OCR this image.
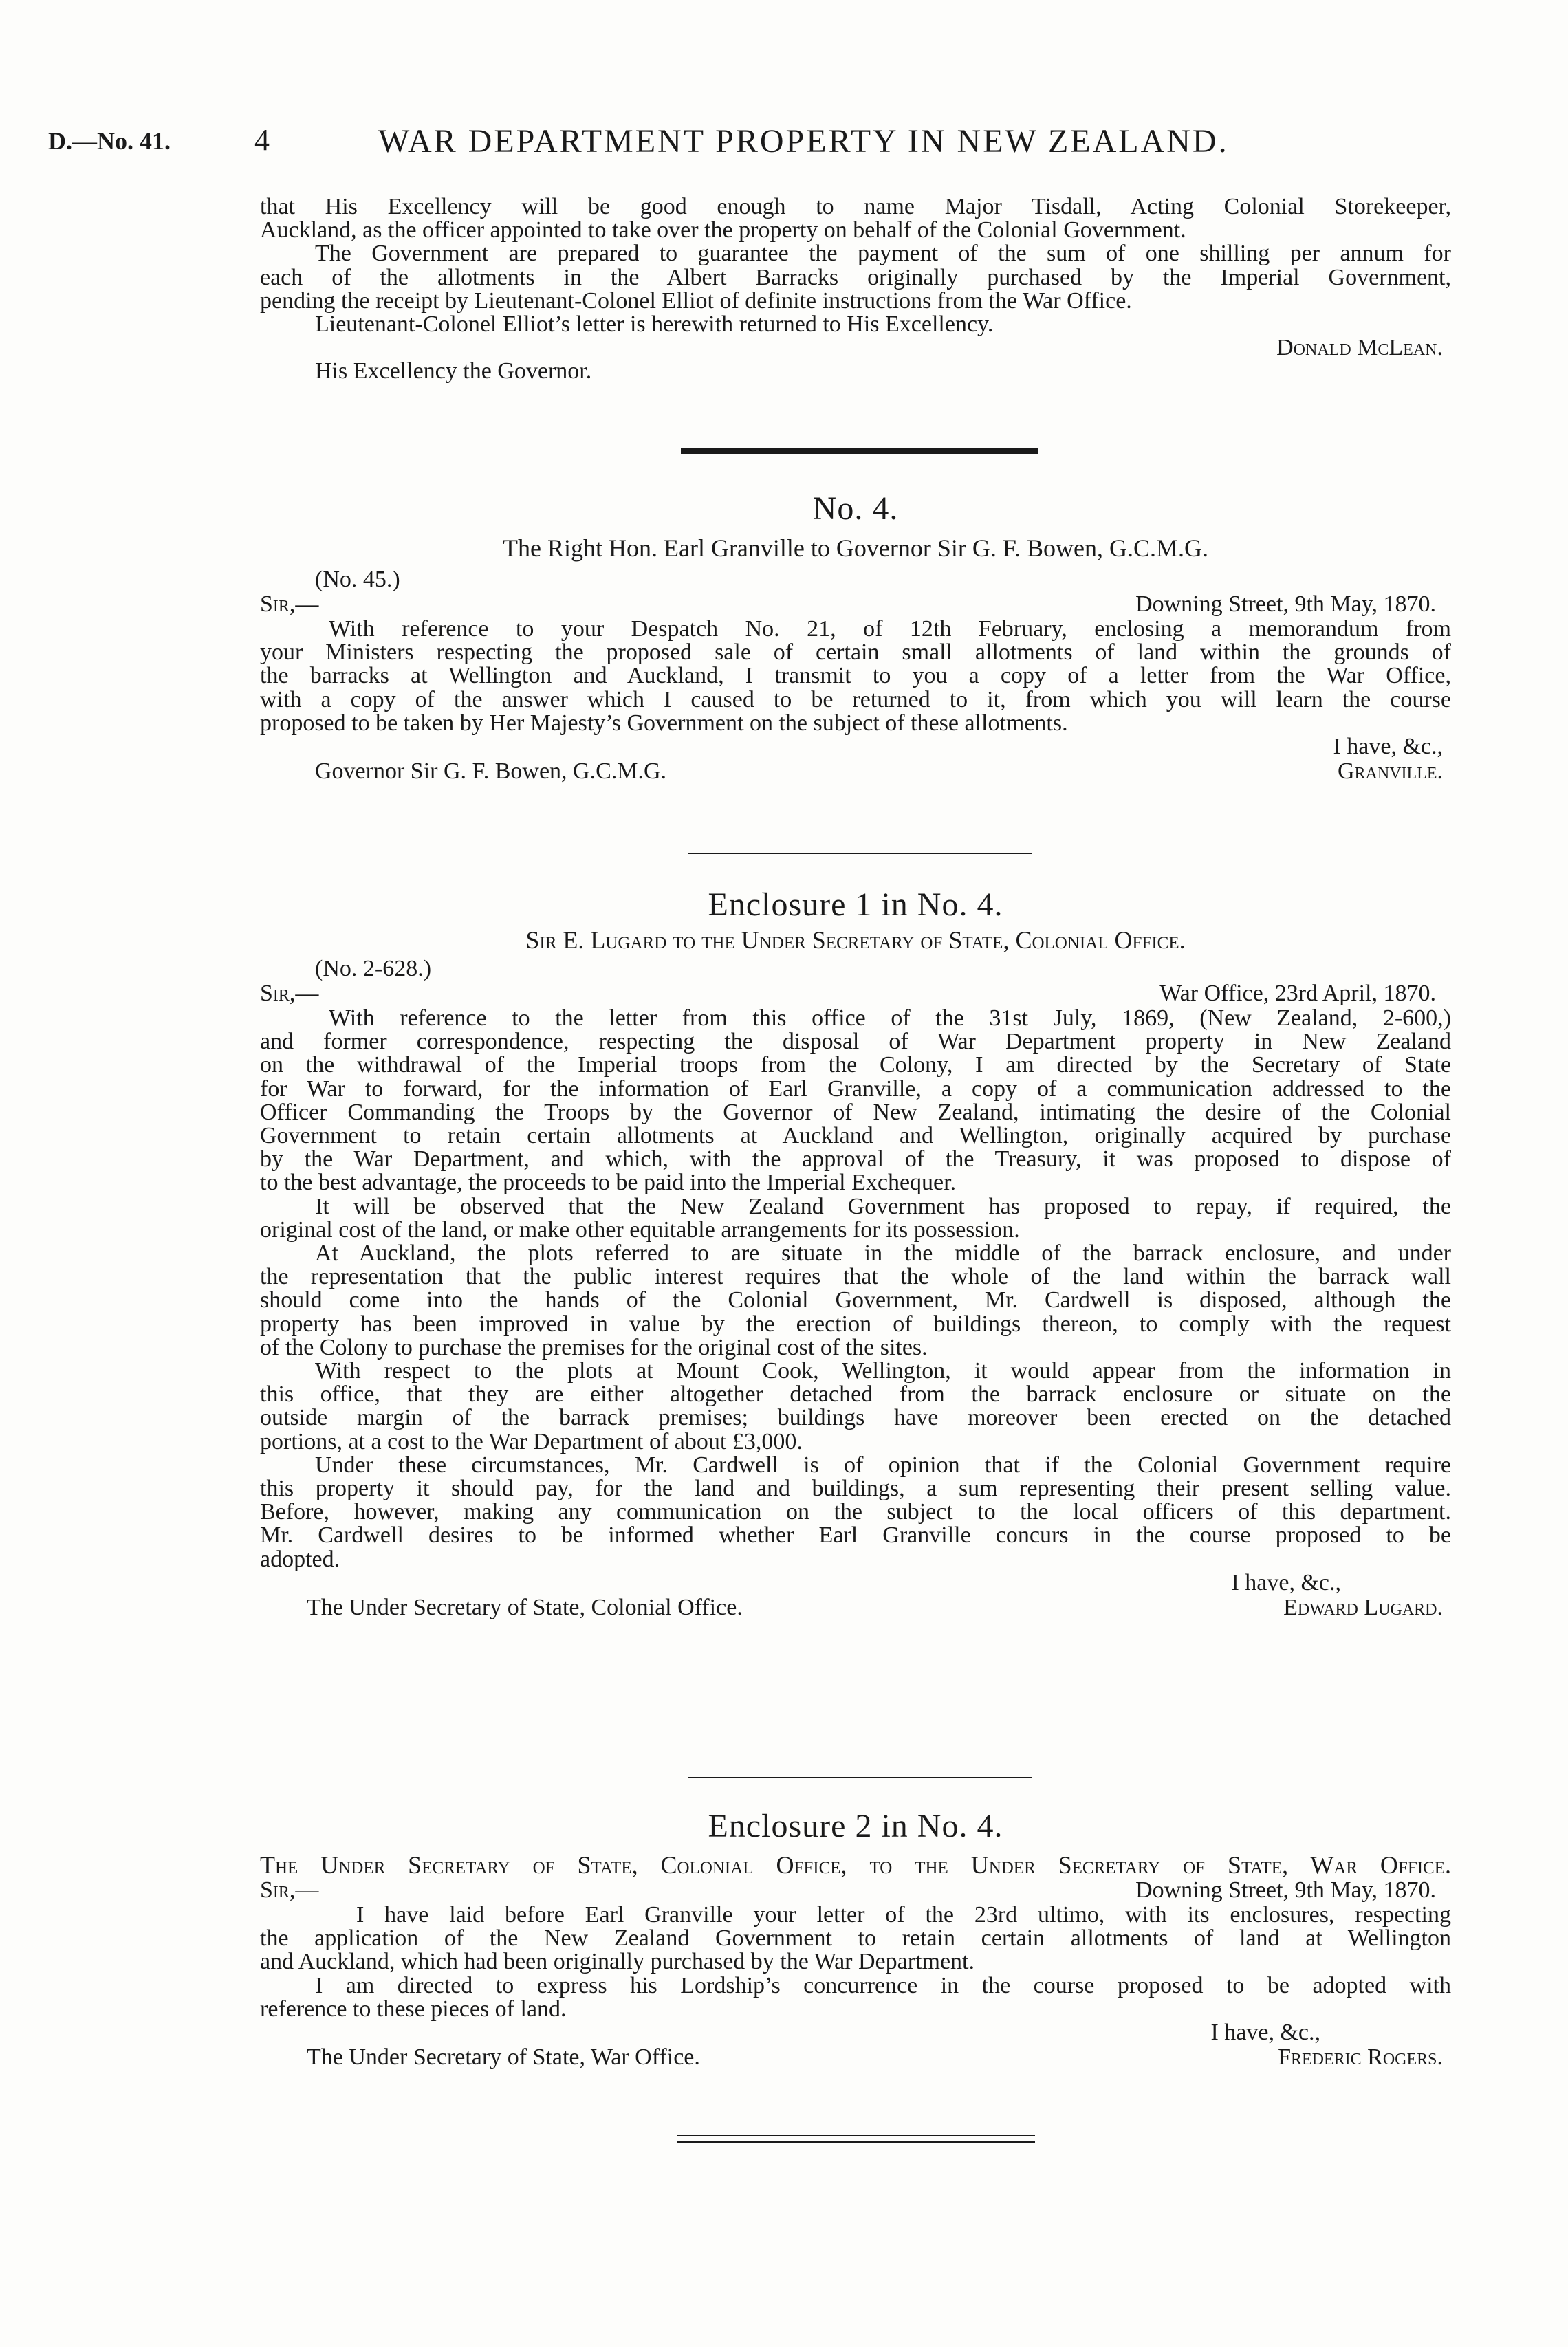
D.—No. 41.	4	WAR DEPARTMENT PROPERTY IN NEW ZEALAND.

that His Excellency will be good enough to name Major Tisdall, Acting Colonial Storekeeper,

Auckland, as the officer appointed to take over the property on behalf of the Colonial Government.

The Government are prepared to guarantee the payment of the sum of one shilling per annum for

each of the allotments in the Albert Barracks originally purchased by the Imperial Government,

pending the receipt by Lieutenant-Colonel Elliot of definite instructions from the War Office.

Lieutenant-Colonel Elliot’s letter is herewith returned to His Excellency.

Donald McLean.

His Excellency the Governor.

No. 4.

The Right Hon. Earl Granville to Governor Sir G. F. Bowen, G.C.M.G.

(No. 45.)

Sir,—	Downing Street, 9th May, 1870.

With reference to your Despatch No. 21, of 12th February, enclosing a memorandum from

your Ministers respecting the proposed sale of certain small allotments of land within the grounds of

the barracks at Wellington and Auckland, I transmit to you a copy of a letter from the War Office,

with a copy of the answer which I caused to be returned to it, from which you will learn the course

proposed to be taken by Her Majesty’s Government on the subject of these allotments.

I have, &c.,

Governor Sir G. F. Bowen, G.C.M.G.	Granville.

Enclosure 1 in No. 4.

Sir E. Lugard to the Under Secretary of State, Colonial Office.

(No. 2-628.)

Sir,—	War Office, 23rd April, 1870.

With reference to the letter from this office of the 31st July, 1869, (New Zealand, 2-600,)

and former correspondence, respecting the disposal of War Department property in New Zealand

on the withdrawal of the Imperial troops from the Colony, I am directed by the Secretary of State

for War to forward, for the information of Earl Granville, a copy of a communication addressed to the

Officer Commanding the Troops by the Governor of New Zealand, intimating the desire of the Colonial

Government to retain certain allotments at Auckland and Wellington, originally acquired by purchase

by the War Department, and which, with the approval of the Treasury, it was proposed to dispose of

to the best advantage, the proceeds to be paid into the Imperial Exchequer.

It will be observed that the New Zealand Government has proposed to repay, if required, the

original cost of the land, or make other equitable arrangements for its possession.

At Auckland, the plots referred to are situate in the middle of the barrack enclosure, and under

the representation that the public interest requires that the whole of the land within the barrack wall

should come into the hands of the Colonial Government, Mr. Cardwell is disposed, although the

property has been improved in value by the erection of buildings thereon, to comply with the request

of the Colony to purchase the premises for the original cost of the sites.

With respect to the plots at Mount Cook, Wellington, it would appear from the information in

this office, that they are either altogether detached from the barrack enclosure or situate on the

outside margin of the barrack premises; buildings have moreover been erected on the detached

portions, at a cost to the War Department of about £3,000.

Under these circumstances, Mr. Cardwell is of opinion that if the Colonial Government require

this property it should pay, for the land and buildings, a sum representing their present selling value.

Before, however, making any communication on the subject to the local officers of this department.

Mr. Cardwell desires to be informed whether Earl Granville concurs in the course proposed to be

adopted.

I have, &c.,

The Under Secretary of State, Colonial Office.	Edward Lugard.

Enclosure 2 in No. 4.

The Under Secretary of State, Colonial Office, to the Under Secretary of State, War Office.

Sir,—	Downing Street, 9th May, 1870.

I have laid before Earl Granville your letter of the 23rd ultimo, with its enclosures, respecting

the application of the New Zealand Government to retain certain allotments of land at Wellington

and Auckland, which had been originally purchased by the War Department.

I am directed to express his Lordship’s concurrence in the course proposed to be adopted with

reference to these pieces of land.

I have, &c.,

The Under Secretary of State, War Office.	Frederic Rogers.
